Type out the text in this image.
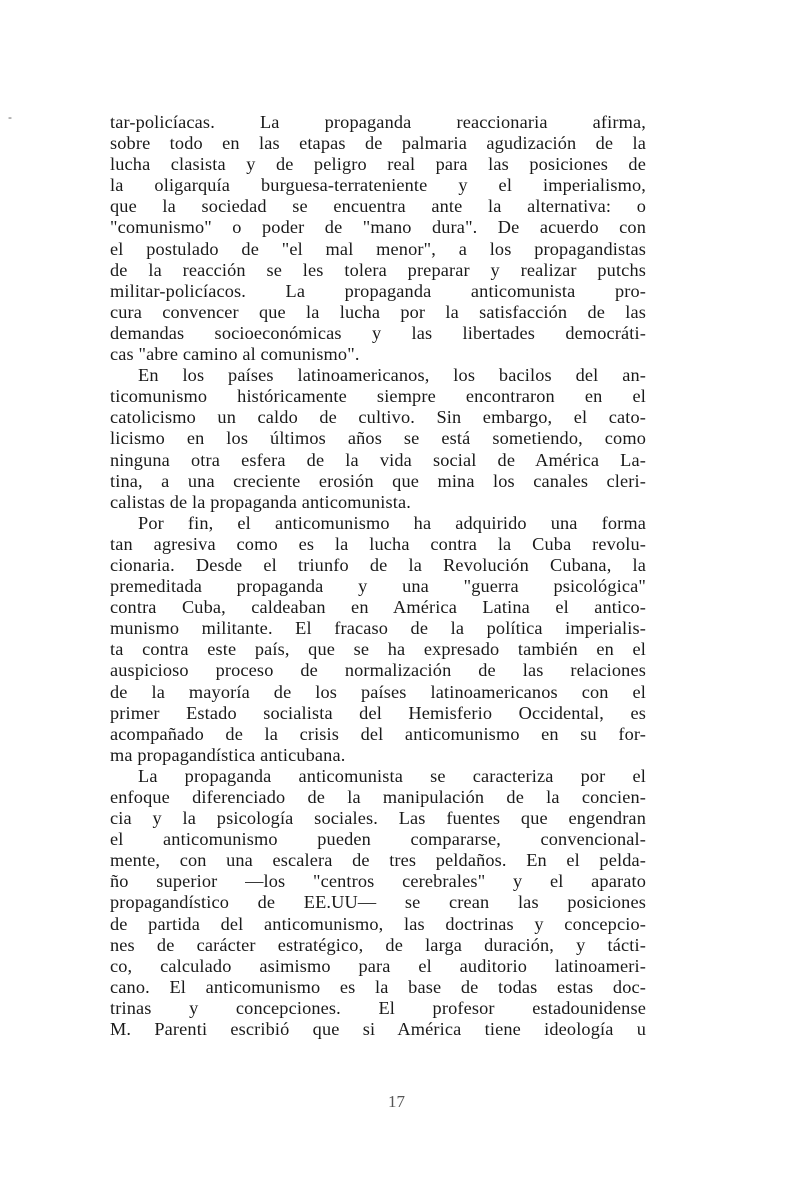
-	tar-policíacas. La propaganda reaccionaria afirma,
sobre todo en las etapas de palmaria agudización de la
lucha clasista y de peligro real para las posiciones de
la oligarquía burguesa-terrateniente y el imperialismo,
que la sociedad se encuentra ante la alternativa: o
"comunismo" o poder de "mano dura". De acuerdo con
el postulado de "el mal menor", a los propagandistas
de la reacción se les tolera preparar y realizar putchs
militar-policíacos. La propaganda anticomunista pro-
cura convencer que la lucha por la satisfacción de las
demandas socioeconómicas y las libertades democráti-
cas "abre camino al comunismo".
En los países latinoamericanos, los bacilos del an-
ticomunismo históricamente siempre encontraron en el
catolicismo un caldo de cultivo. Sin embargo, el cato-
licismo en los últimos años se está sometiendo, como
ninguna otra esfera de la vida social de América La-
tina, a una creciente erosión que mina los canales cleri-
calistas de la propaganda anticomunista.
Por fin, el anticomunismo ha adquirido una forma
tan agresiva como es la lucha contra la Cuba revolu-
cionaria. Desde el triunfo de la Revolución Cubana, la
premeditada propaganda y una "guerra psicológica"
contra Cuba, caldeaban en América Latina el antico-
munismo militante. El fracaso de la política imperialis-
ta contra este país, que se ha expresado también en el
auspicioso proceso de normalización de las relaciones
de la mayoría de los países latinoamericanos con el
primer Estado socialista del Hemisferio Occidental, es
acompañado de la crisis del anticomunismo en su for-
ma propagandística anticubana.
La propaganda anticomunista se caracteriza por el
enfoque diferenciado de la manipulación de la concien-
cia y la psicología sociales. Las fuentes que engendran
el anticomunismo pueden compararse, convencional-
mente, con una escalera de tres peldaños. En el pelda-
ño superior —los "centros cerebrales" y el aparato
propagandístico de EE.UU— se crean las posiciones
de partida del anticomunismo, las doctrinas y concepcio-
nes de carácter estratégico, de larga duración, y tácti-
co, calculado asimismo para el auditorio latinoameri-
cano. El anticomunismo es la base de todas estas doc-
trinas y concepciones. El profesor estadounidense
M. Parenti escribió que si América tiene ideología u
17
